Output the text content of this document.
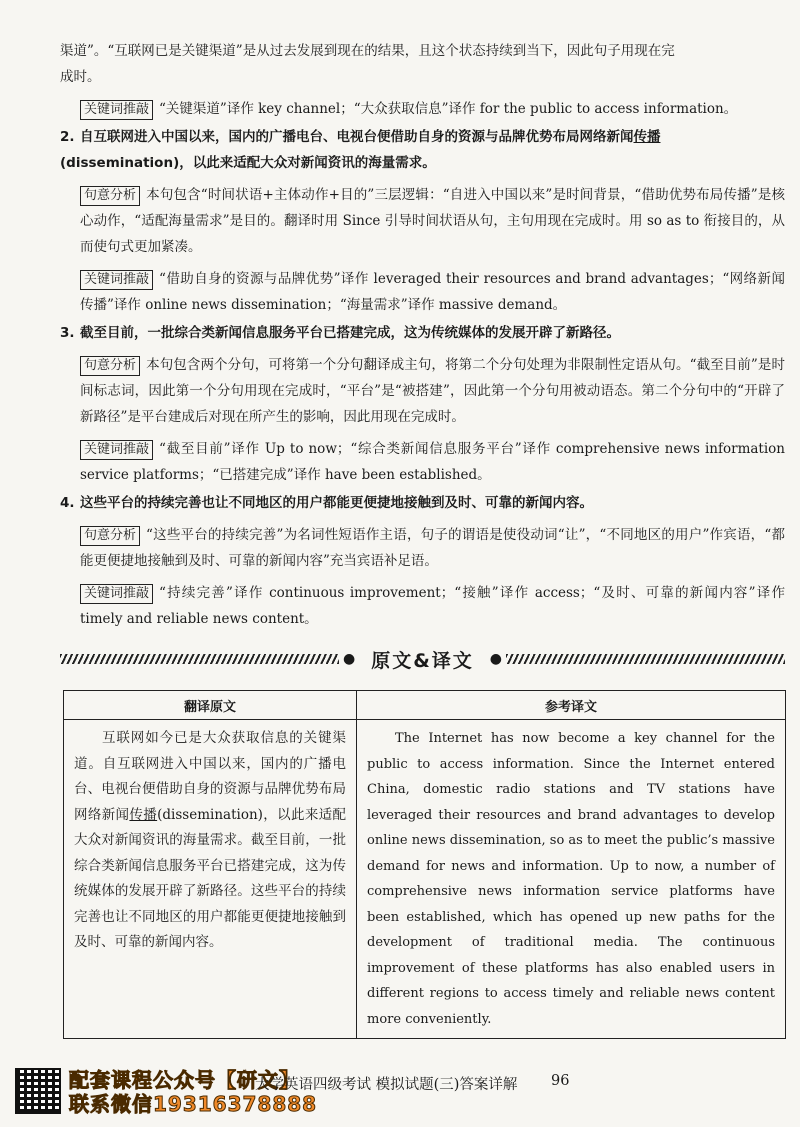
渠道”。“互联网已是关键渠道”是从过去发展到现在的结果，且这个状态持续到当下，因此句子用现在完

成时。

关键词推敲 “关键渠道”译作 key channel；“大众获取信息”译作 for the public to access information。

2. 自互联网进入中国以来，国内的广播电台、电视台便借助自身的资源与品牌优势布局网络新闻传播(dissemination)，以此来适配大众对新闻资讯的海量需求。

句意分析 本句包含“时间状语+主体动作+目的”三层逻辑：“自进入中国以来”是时间背景，“借助优势布局传播”是核心动作，“适配海量需求”是目的。翻译时用 Since 引导时间状语从句，主句用现在完成时。用 so as to 衔接目的，从而使句式更加紧凑。

关键词推敲 “借助自身的资源与品牌优势”译作 leveraged their resources and brand advantages；“网络新闻传播”译作 online news dissemination；“海量需求”译作 massive demand。

3. 截至目前，一批综合类新闻信息服务平台已搭建完成，这为传统媒体的发展开辟了新路径。

句意分析 本句包含两个分句，可将第一个分句翻译成主句，将第二个分句处理为非限制性定语从句。“截至目前”是时间标志词，因此第一个分句用现在完成时，“平台”是“被搭建”，因此第一个分句用被动语态。第二个分句中的“开辟了新路径”是平台建成后对现在所产生的影响，因此用现在完成时。

关键词推敲 “截至目前”译作 Up to now；“综合类新闻信息服务平台”译作 comprehensive news information service platforms；“已搭建完成”译作 have been established。

4. 这些平台的持续完善也让不同地区的用户都能更便捷地接触到及时、可靠的新闻内容。

句意分析 “这些平台的持续完善”为名词性短语作主语，句子的谓语是使役动词“让”，“不同地区的用户”作宾语，“都能更便捷地接触到及时、可靠的新闻内容”充当宾语补足语。

关键词推敲 “持续完善”译作 continuous improvement；“接触”译作 access；“及时、可靠的新闻内容”译作 timely and reliable news content。

● 原文&译文	●
翻译原文	参考译文
互联网如今已是大众获取信息的关键渠道。自互联网进入中国以来，国内的广播电台、电视台便借助自身的资源与品牌优势布局网络新闻传播(dissemination)，以此来适配大众对新闻资讯的海量需求。截至目前，一批综合类新闻信息服务平台已搭建完成，这为传统媒体的发展开辟了新路径。这些平台的持续完善也让不同地区的用户都能更便捷地接触到及时、可靠的新闻内容。	The Internet has now become a key channel for the public to access information. Since the Internet entered China, domestic radio stations and TV stations have leveraged their resources and brand advantages to develop online news dissemination, so as to meet the public’s massive demand for news and information. Up to now, a number of comprehensive news information service platforms have been established, which has opened up new paths for the development of traditional media. The continuous improvement of these platforms has also enabled users in different regions to access timely and reliable news content more conveniently.
配套课程公众号【研文】
联系微信19316378888
大学英语四级考试 模拟试题(三)答案详解 96
